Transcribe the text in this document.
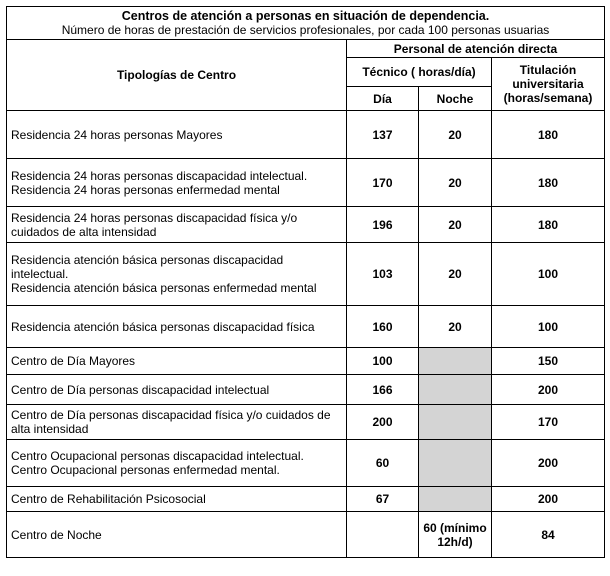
Centros de atención a personas en situación de dependencia.
Número de horas de prestación de servicios profesionales, por cada 100 personas usuarias			

Tipologías de Centro	Personal de atención directa		
	Técnico ( horas/día)		Titulación universitaria (horas/semana)
	Día	Noche	

Residencia 24 horas personas Mayores	137	20	180

Residencia 24 horas personas discapacidad intelectual.
Residencia 24 horas personas enfermedad mental	170	20	180

Residencia 24 horas personas discapacidad física y/o cuidados de alta intensidad	196	20	180

Residencia atención básica personas discapacidad intelectual.
Residencia atención básica personas enfermedad mental	103	20	100

Residencia atención básica personas discapacidad física	160	20	100

Centro de Día Mayores	100		150

Centro de Día personas discapacidad intelectual	166		200

Centro de Día personas discapacidad física y/o cuidados de alta intensidad	200		170

Centro Ocupacional personas discapacidad intelectual.
Centro Ocupacional personas enfermedad mental.	60		200

Centro de Rehabilitación Psicosocial	67		200

Centro de Noche		60 (mínimo 12h/d)	84
